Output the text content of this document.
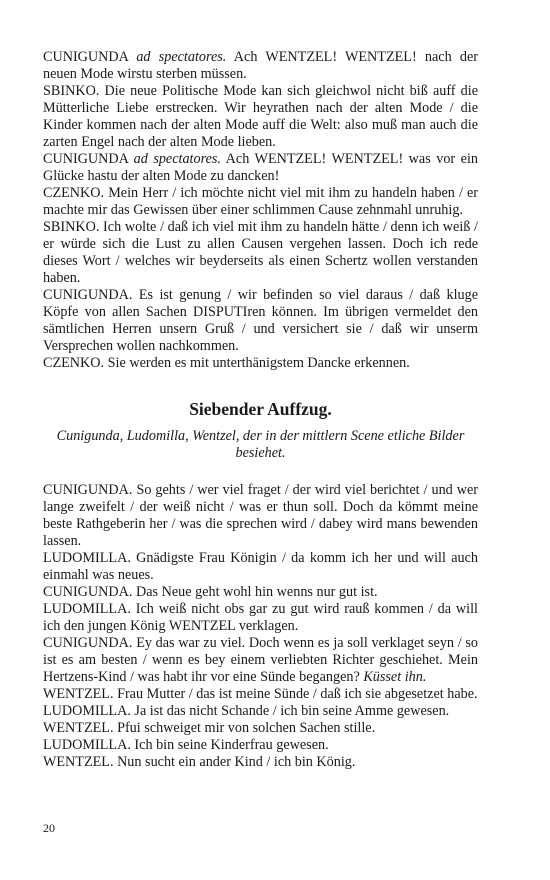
CUNIGUNDA ad spectatores. Ach WENTZEL! WENTZEL! nach der neuen Mode wirstu sterben müssen.

SBINKO. Die neue Politische Mode kan sich gleichwol nicht biß auff die Mütterliche Liebe erstrecken. Wir heyrathen nach der alten Mode / die Kinder kommen nach der alten Mode auff die Welt: also muß man auch die zarten Engel nach der alten Mode lieben.

CUNIGUNDA ad spectatores. Ach WENTZEL! WENTZEL! was vor ein Glücke hastu der alten Mode zu dancken!

CZENKO. Mein Herr / ich möchte nicht viel mit ihm zu handeln haben / er machte mir das Gewissen über einer schlimmen Cause zehnmahl unruhig.

SBINKO. Ich wolte / daß ich viel mit ihm zu handeln hätte / denn ich weiß / er würde sich die Lust zu allen Causen vergehen lassen. Doch ich rede dieses Wort / welches wir beyderseits als einen Schertz wollen verstanden haben.

CUNIGUNDA. Es ist genung / wir befinden so viel daraus / daß kluge Köpfe von allen Sachen DISPUTIren können. Im übrigen vermeldet den sämtlichen Herren unsern Gruß / und versichert sie / daß wir unserm Versprechen wollen nachkommen.

CZENKO. Sie werden es mit unterthänigstem Dancke erkennen.

Siebender Auffzug.

Cunigunda, Ludomilla, Wentzel, der in der mittlern Scene etliche Bilder besiehet.

CUNIGUNDA. So gehts / wer viel fraget / der wird viel berichtet / und wer lange zweifelt / der weiß nicht / was er thun soll. Doch da kömmt meine beste Rathgeberin her / was die sprechen wird / dabey wird mans bewenden lassen.

LUDOMILLA. Gnädigste Frau Königin / da komm ich her und will auch einmahl was neues.

CUNIGUNDA. Das Neue geht wohl hin wenns nur gut ist.

LUDOMILLA. Ich weiß nicht obs gar zu gut wird rauß kommen / da will ich den jungen König WENTZEL verklagen.

CUNIGUNDA. Ey das war zu viel. Doch wenn es ja soll verklaget seyn / so ist es am besten / wenn es bey einem verliebten Richter geschiehet. Mein Hertzens-Kind / was habt ihr vor eine Sünde begangen? Küsset ihn.

WENTZEL. Frau Mutter / das ist meine Sünde / daß ich sie abgesetzet habe.

LUDOMILLA. Ja ist das nicht Schande / ich bin seine Amme gewesen.

WENTZEL. Pfui schweiget mir von solchen Sachen stille.

LUDOMILLA. Ich bin seine Kinderfrau gewesen.

WENTZEL. Nun sucht ein ander Kind / ich bin König.

20
